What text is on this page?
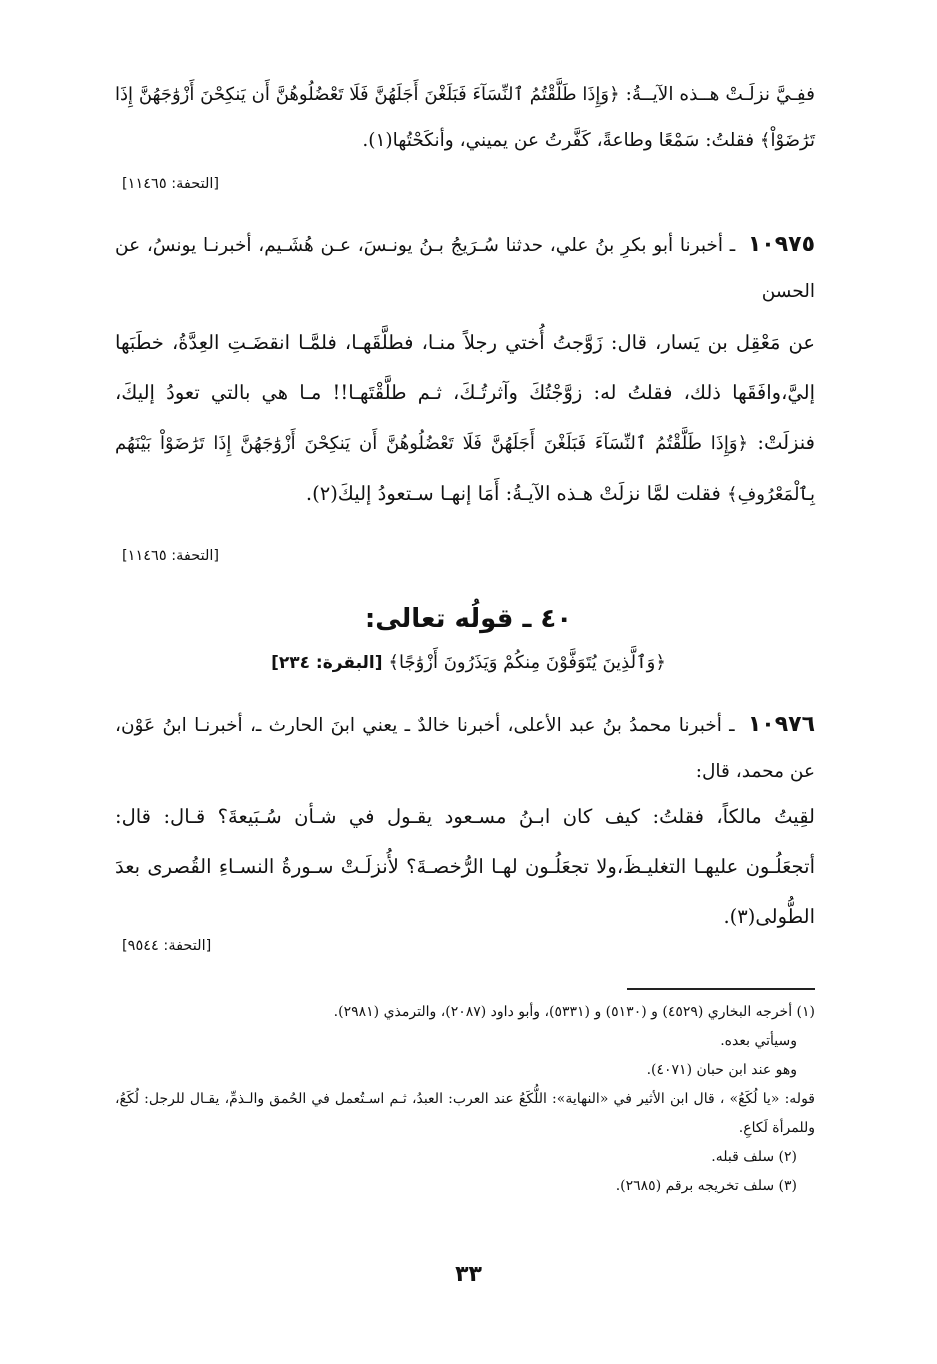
ففِـيَّ نزلَـتْ هــذه الآيــةُ: ﴿وَإِذَا طَلَّقْتُمُ ٱلنِّسَآءَ فَبَلَغْنَ أَجَلَهُنَّ فَلَا تَعْضُلُوهُنَّ أَن يَنكِحْنَ أَزْوَٰجَهُنَّ إِذَا تَرَٰضَوْاْ﴾ فقلتُ: سَمْعًا وطاعةً، كَفَّرتُ عن يميني، وأنكَحْتُها(١).
[التحفة: ١١٤٦٥]
١٠٩٧٥ ـ أخبرنا أبو بكرِ بنُ علي، حدثنا سُـرَيجُ بـنُ يونـسَ، عـن هُشَـيم، أخبرنـا يونسُ، عن الحسن
عن مَعْقِل بن يَسار، قال: زَوَّجتُ أُختي رجلاً منـا، فطلَّقَهـا، فلمَّـا انقضَـتِ العِدَّةُ، خطَبَها إليَّ،وافَقَها ذلك، فقلتُ له: زوَّجْتُكَ وآثرتُـكَ، ثـم طلَّقْتَهـا!! مـا هي بالتي تعودُ إليكَ، فنزلَتْ: ﴿وَإِذَا طَلَّقْتُمُ ٱلنِّسَآءَ فَبَلَغْنَ أَجَلَهُنَّ فَلَا تَعْضُلُوهُنَّ أَن يَنكِحْنَ أَزْوَٰجَهُنَّ إِذَا تَرَٰضَوْاْ بَيْنَهُم بِٱلْمَعْرُوفِ﴾ فقلت لمَّا نزلَتْ هـذه الآيـةُ: أَمَا إنهـا سـتعودُ إليكَ(٢).
[التحفة: ١١٤٦٥]
٤٠ ـ قولُه تعالى:
﴿وَٱلَّذِينَ يُتَوَفَّوْنَ مِنكُمْ وَيَذَرُونَ أَزْوَٰجًا﴾ [البقرة: ٢٣٤]
١٠٩٧٦ ـ أخبرنا محمدُ بنُ عبد الأعلى، أخبرنا خالدٌ ـ يعني ابنَ الحارث ـ، أخبرنـا ابنُ عَوْن، عن محمد، قال:
لقِيتُ مالكاً، فقلتُ: كيف كان ابـنُ مسـعود يقـول في شـأن سُـبَيعةَ؟ قـال: قال: أتجعَلُـون عليهـا التغليـظَ،ولا تجعَلُـون لهـا الرُّخصـةَ؟ لأُنزلَـتْ سـورةُ النسـاءِ القُصرى بعدَ الطُّولى(٣).
[التحفة: ٩٥٤٤]
(١) أخرجه البخاري (٤٥٢٩) و (٥١٣٠) و (٥٣٣١)، وأبو داود (٢٠٨٧)، والترمذي (٢٩٨١).
وسيأتي بعده.
وهو عند ابن حبان (٤٠٧١).
قوله: «يا لُكَعُ» ، قال ابن الأثير في «النهاية»: اللُّكَعُ عند العرب: العبدُ، ثـم اسـتُعمل في الحُمق والـذمِّ، يقـال للرجل: لُكَعُ، وللمرأة لَكاعِ.
(٢) سلف قبله.
(٣) سلف تخريجه برقم (٢٦٨٥).
٣٣
